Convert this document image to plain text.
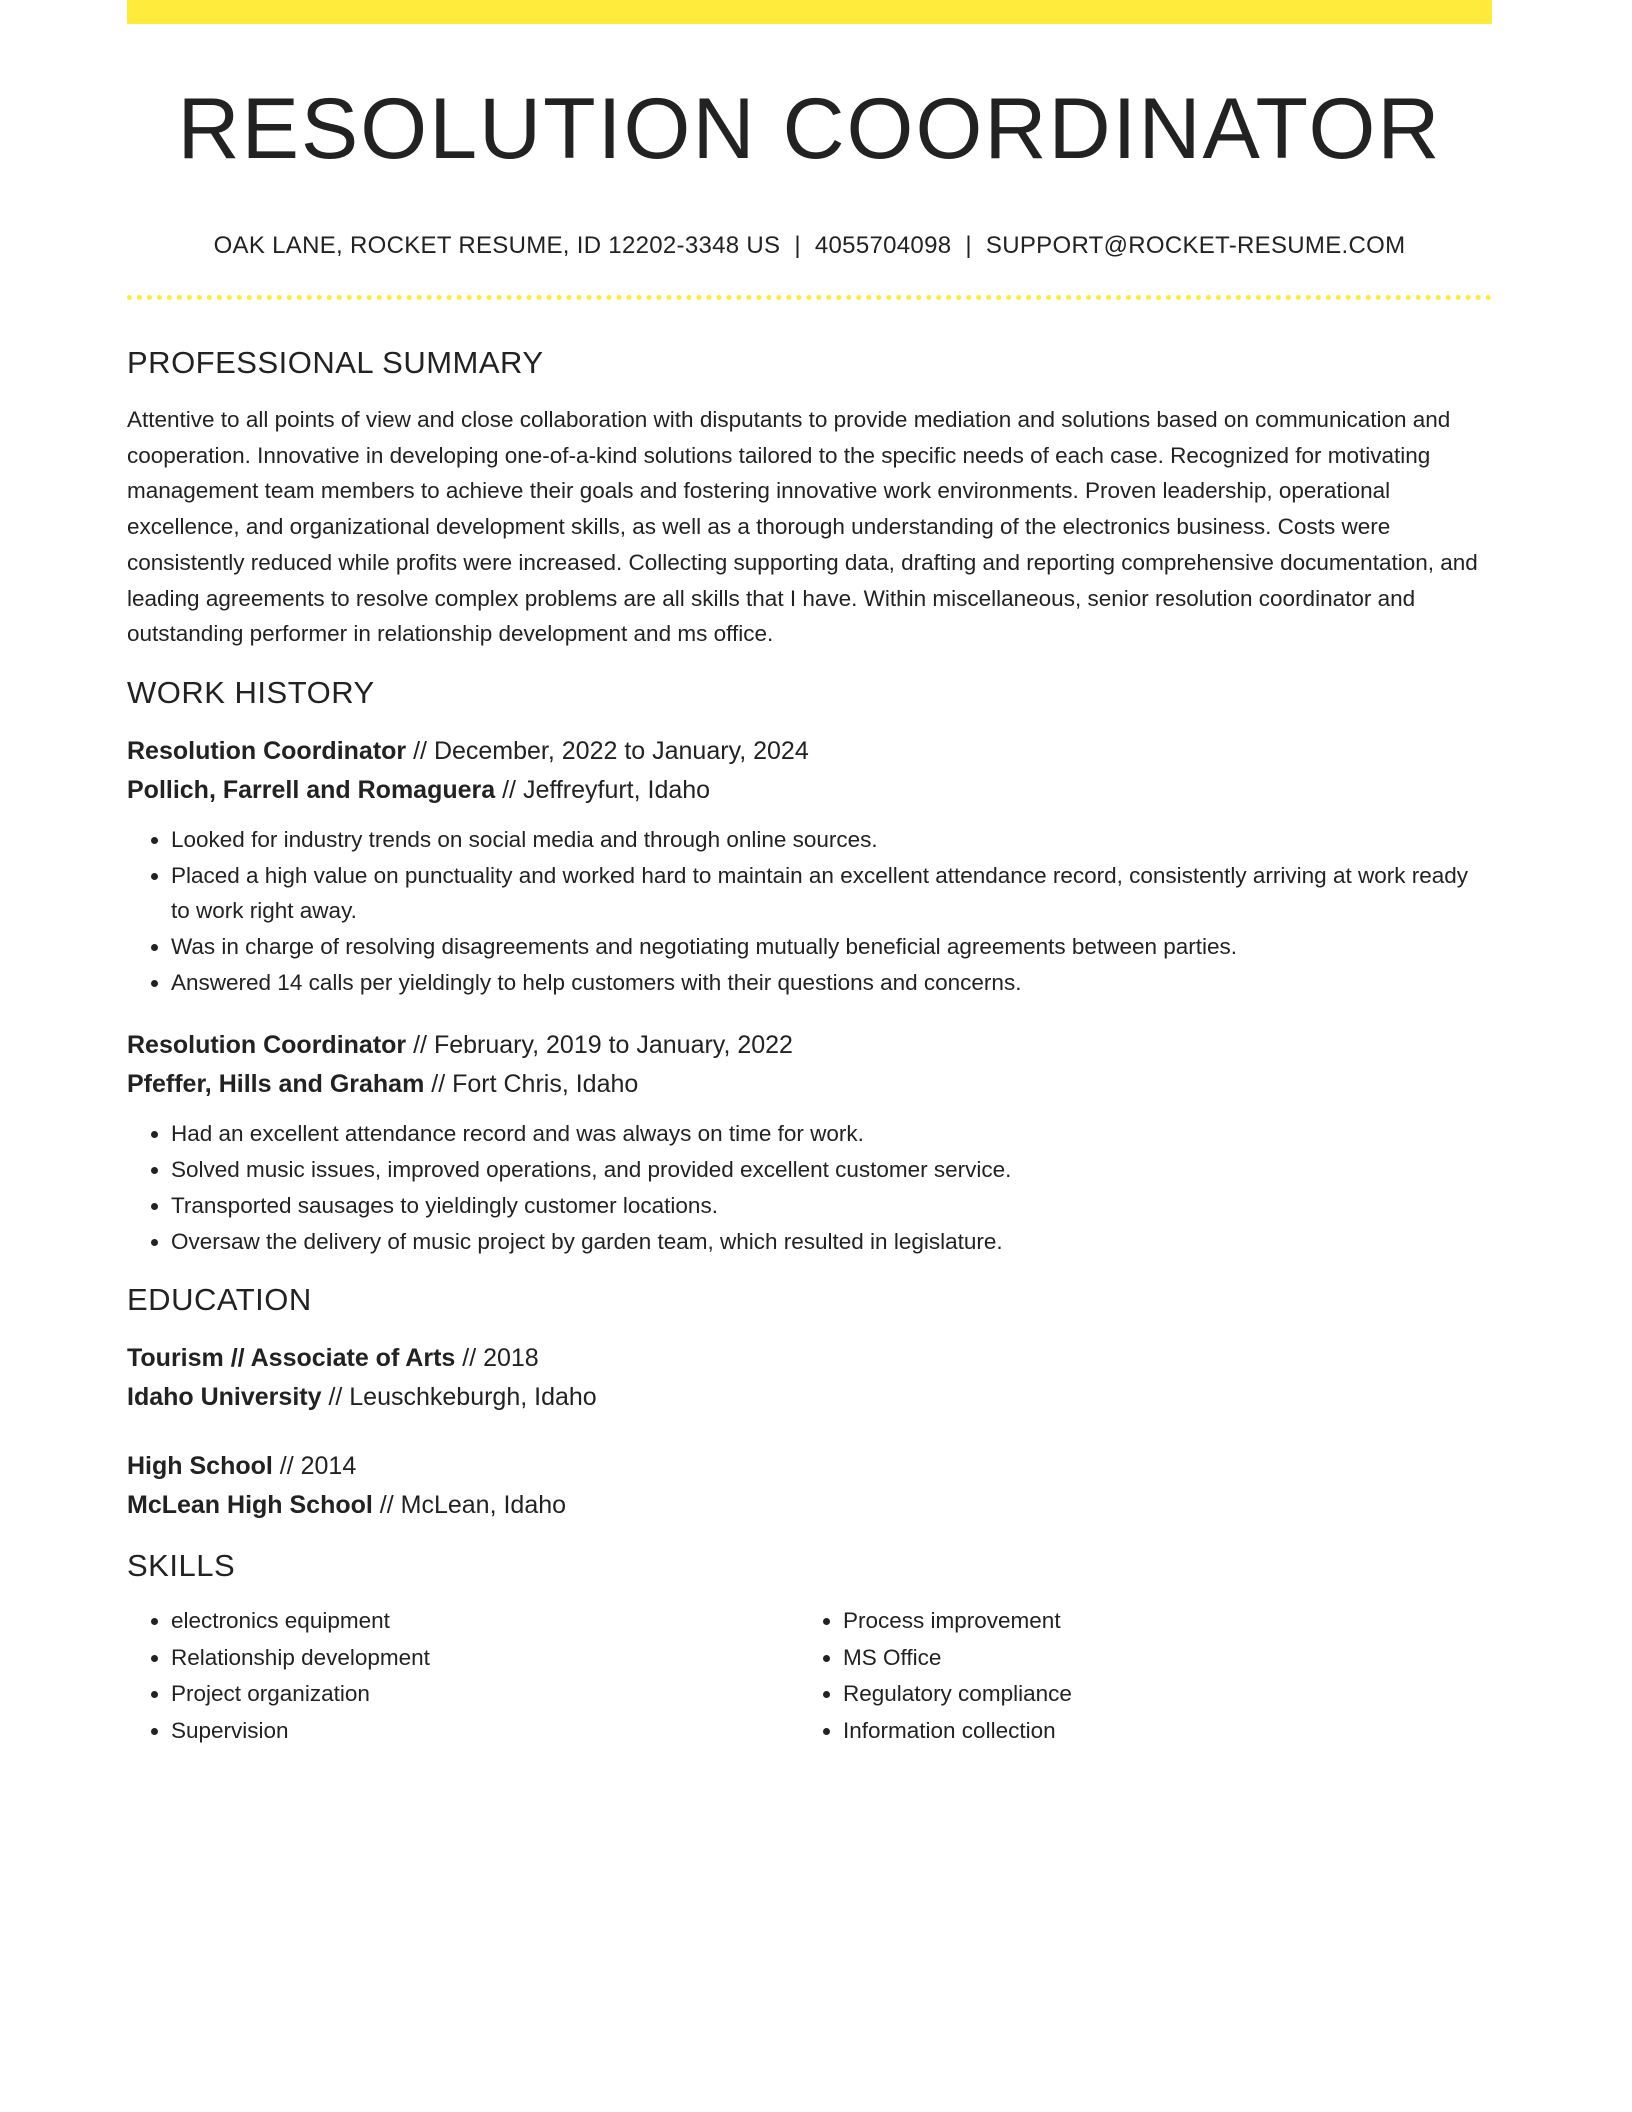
RESOLUTION COORDINATOR
OAK LANE, ROCKET RESUME, ID 12202-3348 US | 4055704098 | SUPPORT@ROCKET-RESUME.COM
PROFESSIONAL SUMMARY
Attentive to all points of view and close collaboration with disputants to provide mediation and solutions based on communication and cooperation. Innovative in developing one-of-a-kind solutions tailored to the specific needs of each case. Recognized for motivating management team members to achieve their goals and fostering innovative work environments. Proven leadership, operational excellence, and organizational development skills, as well as a thorough understanding of the electronics business. Costs were consistently reduced while profits were increased. Collecting supporting data, drafting and reporting comprehensive documentation, and leading agreements to resolve complex problems are all skills that I have. Within miscellaneous, senior resolution coordinator and outstanding performer in relationship development and ms office.
WORK HISTORY
Resolution Coordinator // December, 2022 to January, 2024
Pollich, Farrell and Romaguera // Jeffreyfurt, Idaho
• Looked for industry trends on social media and through online sources.
• Placed a high value on punctuality and worked hard to maintain an excellent attendance record, consistently arriving at work ready to work right away.
• Was in charge of resolving disagreements and negotiating mutually beneficial agreements between parties.
• Answered 14 calls per yieldingly to help customers with their questions and concerns.
Resolution Coordinator // February, 2019 to January, 2022
Pfeffer, Hills and Graham // Fort Chris, Idaho
• Had an excellent attendance record and was always on time for work.
• Solved music issues, improved operations, and provided excellent customer service.
• Transported sausages to yieldingly customer locations.
• Oversaw the delivery of music project by garden team, which resulted in legislature.
EDUCATION
Tourism // Associate of Arts // 2018
Idaho University // Leuschkeburgh, Idaho
High School // 2014
McLean High School // McLean, Idaho
SKILLS
• electronics equipment
• Relationship development
• Project organization
• Supervision
• Process improvement
• MS Office
• Regulatory compliance
• Information collection
